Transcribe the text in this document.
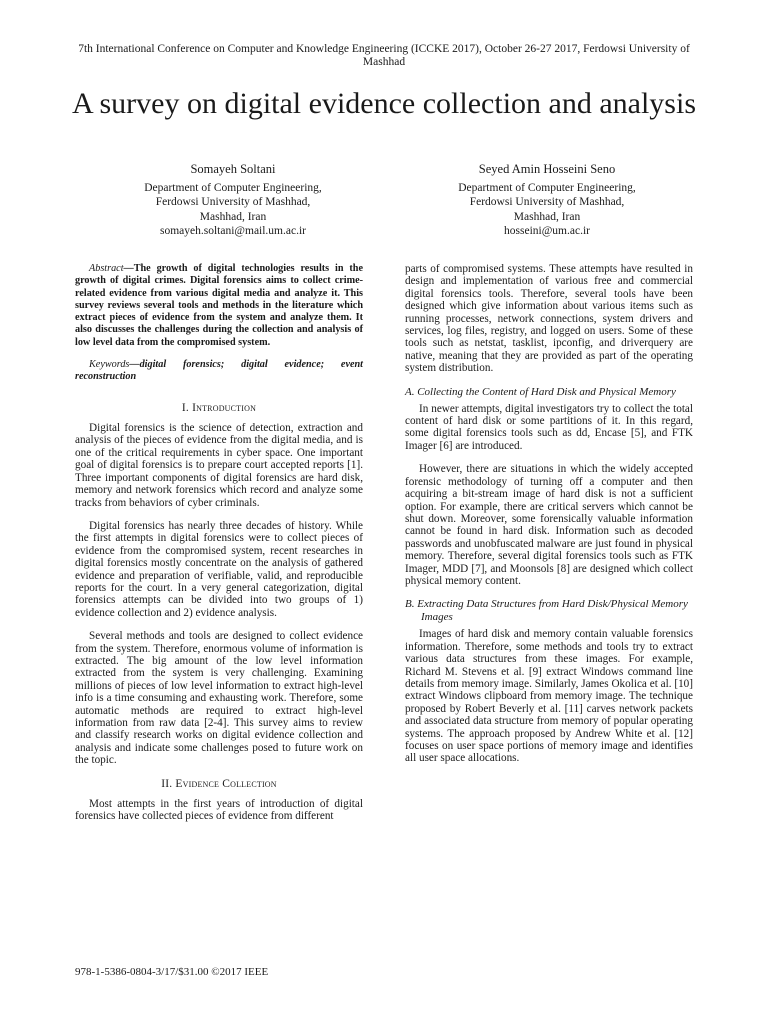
7th International Conference on Computer and Knowledge Engineering (ICCKE 2017), October 26-27 2017, Ferdowsi University of Mashhad
A survey on digital evidence collection and analysis
Somayeh Soltani
Department of Computer Engineering,
Ferdowsi University of Mashhad,
Mashhad, Iran
somayeh.soltani@mail.um.ac.ir
Seyed Amin Hosseini Seno
Department of Computer Engineering,
Ferdowsi University of Mashhad,
Mashhad, Iran
hosseini@um.ac.ir
Abstract—The growth of digital technologies results in the growth of digital crimes. Digital forensics aims to collect crime-related evidence from various digital media and analyze it. This survey reviews several tools and methods in the literature which extract pieces of evidence from the system and analyze them. It also discusses the challenges during the collection and analysis of low level data from the compromised system.
Keywords—digital forensics; digital evidence; event reconstruction
I. Introduction

Digital forensics is the science of detection, extraction and analysis of the pieces of evidence from the digital media, and is one of the critical requirements in cyber space. One important goal of digital forensics is to prepare court accepted reports [1]. Three important components of digital forensics are hard disk, memory and network forensics which record and analyze some tracks from behaviors of cyber criminals.

Digital forensics has nearly three decades of history. While the first attempts in digital forensics were to collect pieces of evidence from the compromised system, recent researches in digital forensics mostly concentrate on the analysis of gathered evidence and preparation of verifiable, valid, and reproducible reports for the court. In a very general categorization, digital forensics attempts can be divided into two groups of 1) evidence collection and 2) evidence analysis.

Several methods and tools are designed to collect evidence from the system. Therefore, enormous volume of information is extracted. The big amount of the low level information extracted from the system is very challenging. Examining millions of pieces of low level information to extract high-level info is a time consuming and exhausting work. Therefore, some automatic methods are required to extract high-level information from raw data [2-4]. This survey aims to review and classify research works on digital evidence collection and analysis and indicate some challenges posed to future work on the topic.

II. Evidence Collection

Most attempts in the first years of introduction of digital forensics have collected pieces of evidence from different

parts of compromised systems. These attempts have resulted in design and implementation of various free and commercial digital forensics tools. Therefore, several tools have been designed which give information about various items such as running processes, network connections, system drivers and services, log files, registry, and logged on users. Some of these tools such as netstat, tasklist, ipconfig, and driverquery are native, meaning that they are provided as part of the operating system distribution.

A. Collecting the Content of Hard Disk and Physical Memory

In newer attempts, digital investigators try to collect the total content of hard disk or some partitions of it. In this regard, some digital forensics tools such as dd, Encase [5], and FTK Imager [6] are introduced.

However, there are situations in which the widely accepted forensic methodology of turning off a computer and then acquiring a bit-stream image of hard disk is not a sufficient option. For example, there are critical servers which cannot be shut down. Moreover, some forensically valuable information cannot be found in hard disk. Information such as decoded passwords and unobfuscated malware are just found in physical memory. Therefore, several digital forensics tools such as FTK Imager, MDD [7], and Moonsols [8] are designed which collect physical memory content.

B. Extracting Data Structures from Hard Disk/Physical Memory Images

Images of hard disk and memory contain valuable forensics information. Therefore, some methods and tools try to extract various data structures from these images. For example, Richard M. Stevens et al. [9] extract Windows command line details from memory image. Similarly, James Okolica et al. [10] extract Windows clipboard from memory image. The technique proposed by Robert Beverly et al. [11] carves network packets and associated data structure from memory of popular operating systems. The approach proposed by Andrew White et al. [12] focuses on user space portions of memory image and identifies all user space allocations.

978-1-5386-0804-3/17/$31.00 ©2017 IEEE
